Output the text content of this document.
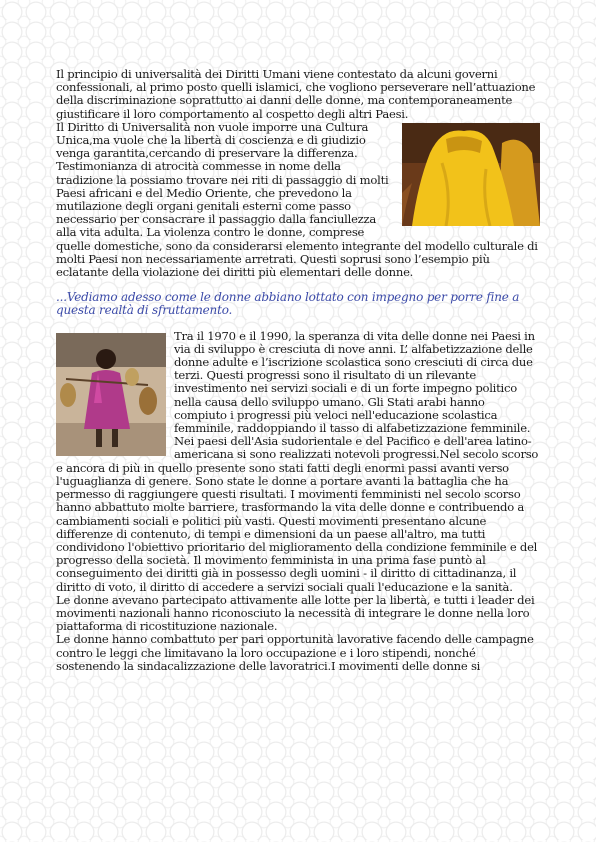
Il principio di universalità dei Diritti Umani viene contestato da alcuni governi confessionali, al primo posto quelli islamici, che vogliono perseverare nell’attuazione della discriminazione soprattutto ai danni delle donne, ma contemporaneamente giustificare il loro comportamento al cospetto degli altri Paesi.

Il Diritto di Universalità non vuole imporre una Cultura Unica,ma vuole che la libertà di coscienza e di giudizio venga garantita,cercando di preservare la differenza. Testimonianza di atrocità commesse in nome della tradizione la possiamo trovare nei riti di passaggio di molti Paesi africani e del Medio Oriente, che prevedono la mutilazione degli organi genitali esterni come passo necessario per consacrare il passaggio dalla fanciullezza alla vita adulta. La violenza contro le donne, comprese quelle domestiche, sono da considerarsi elemento integrante del modello culturale di molti Paesi non necessariamente arretrati. Questi soprusi sono l’esempio più eclatante della violazione dei diritti più elementari delle donne.

...Vediamo adesso come le donne abbiano lottato con impegno per porre fine a questa realtà di sfruttamento.

Tra il 1970 e il 1990, la speranza di vita delle donne nei Paesi in via di sviluppo è cresciuta di nove anni. L’ alfabetizzazione delle donne adulte e l’iscrizione scolastica sono cresciuti di circa due terzi. Questi progressi sono il risultato di un rilevante investimento nei servizi sociali e di un forte impegno politico nella causa dello sviluppo umano. Gli Stati arabi hanno compiuto i progressi più veloci nell'educazione scolastica femminile, raddoppiando il tasso di alfabetizzazione femminile. Nei paesi dell'Asia sudorientale e del Pacifico e dell'area latino-americana si sono realizzati notevoli progressi.Nel secolo scorso e ancora di più in quello presente sono stati fatti degli enormi passi avanti verso l'uguaglianza di genere. Sono state le donne a portare avanti la battaglia che ha permesso di raggiungere questi risultati. I movimenti femministi nel secolo scorso hanno abbattuto molte barriere, trasformando la vita delle donne e contribuendo a cambiamenti sociali e politici più vasti. Questi movimenti presentano alcune differenze di contenuto, di tempi e dimensioni da un paese all'altro, ma tutti condividono l'obiettivo prioritario del miglioramento della condizione femminile e del progresso della società. Il movimento femminista in una prima fase puntò al conseguimento dei diritti già in possesso degli uomini - il diritto di cittadinanza, il diritto di voto, il diritto di accedere a servizi sociali quali l'educazione e la sanità.

Le donne avevano partecipato attivamente alle lotte per la libertà, e tutti i leader dei movimenti nazionali hanno riconosciuto la necessità di integrare le donne nella loro piattaforma di ricostituzione nazionale.

Le donne hanno combattuto per pari opportunità lavorative facendo delle campagne contro le leggi che limitavano la loro occupazione e i loro stipendi, nonché sostenendo la sindacalizzazione delle lavoratrici.I movimenti delle donne si
